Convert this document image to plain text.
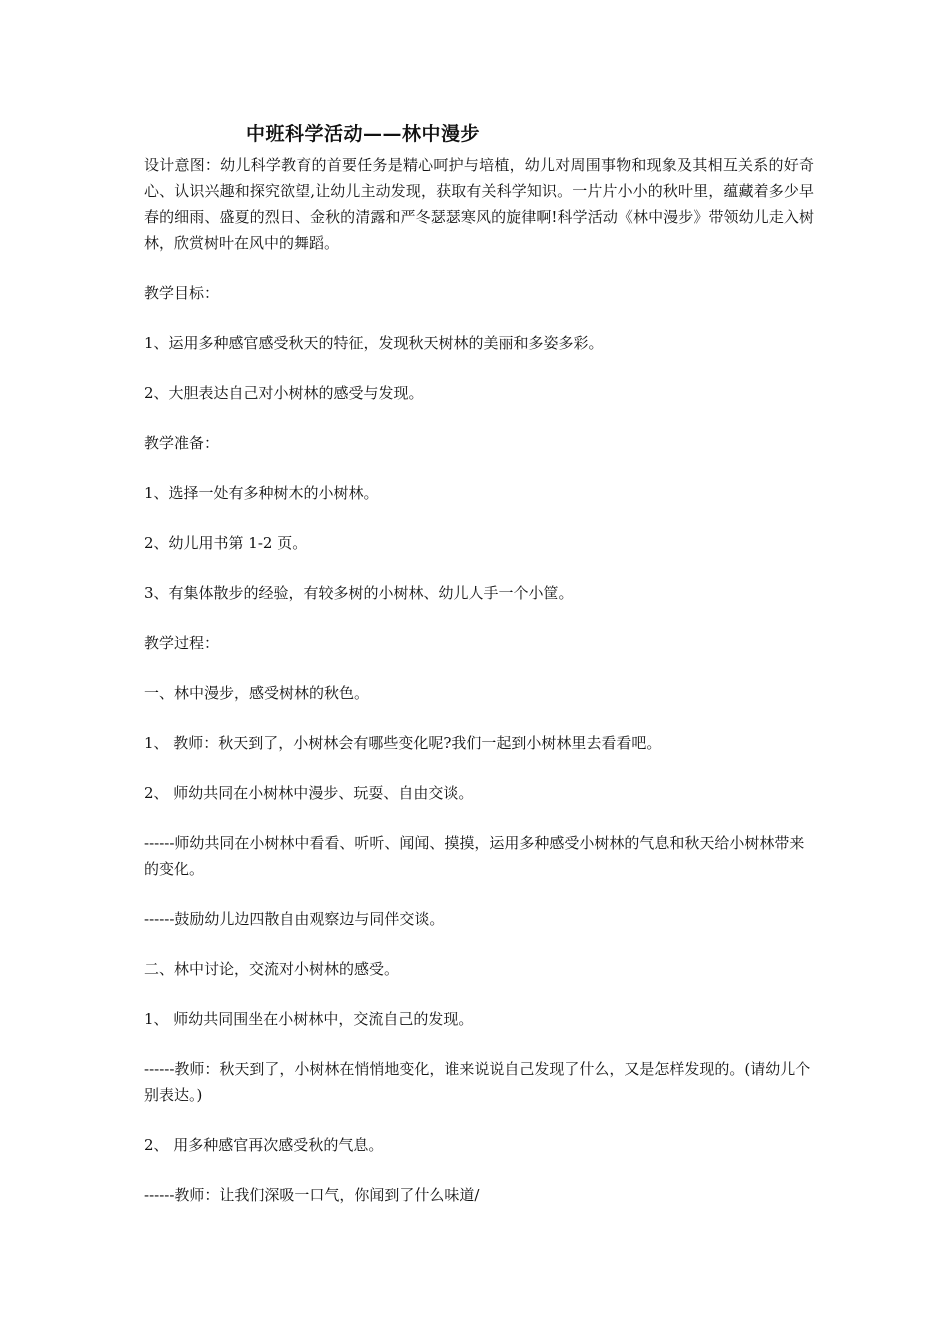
中班科学活动——林中漫步

设计意图：幼儿科学教育的首要任务是精心呵护与培植，幼儿对周围事物和现象及其相互关系的好奇心、认识兴趣和探究欲望,让幼儿主动发现，获取有关科学知识。一片片小小的秋叶里，蕴藏着多少早春的细雨、盛夏的烈日、金秋的清露和严冬瑟瑟寒风的旋律啊!科学活动《林中漫步》带领幼儿走入树林，欣赏树叶在风中的舞蹈。

教学目标：

1、运用多种感官感受秋天的特征，发现秋天树林的美丽和多姿多彩。

2、大胆表达自己对小树林的感受与发现。

教学准备：

1、选择一处有多种树木的小树林。

2、幼儿用书第 1-2 页。

3、有集体散步的经验，有较多树的小树林、幼儿人手一个小筐。

教学过程：

一、林中漫步，感受树林的秋色。

1、 教师：秋天到了，小树林会有哪些变化呢?我们一起到小树林里去看看吧。

2、 师幼共同在小树林中漫步、玩耍、自由交谈。

------师幼共同在小树林中看看、听听、闻闻、摸摸，运用多种感受小树林的气息和秋天给小树林带来的变化。

------鼓励幼儿边四散自由观察边与同伴交谈。

二、林中讨论，交流对小树林的感受。

1、 师幼共同围坐在小树林中，交流自己的发现。

------教师：秋天到了，小树林在悄悄地变化，谁来说说自己发现了什么，又是怎样发现的。(请幼儿个别表达。)

2、 用多种感官再次感受秋的气息。

------教师：让我们深吸一口气，你闻到了什么味道/
